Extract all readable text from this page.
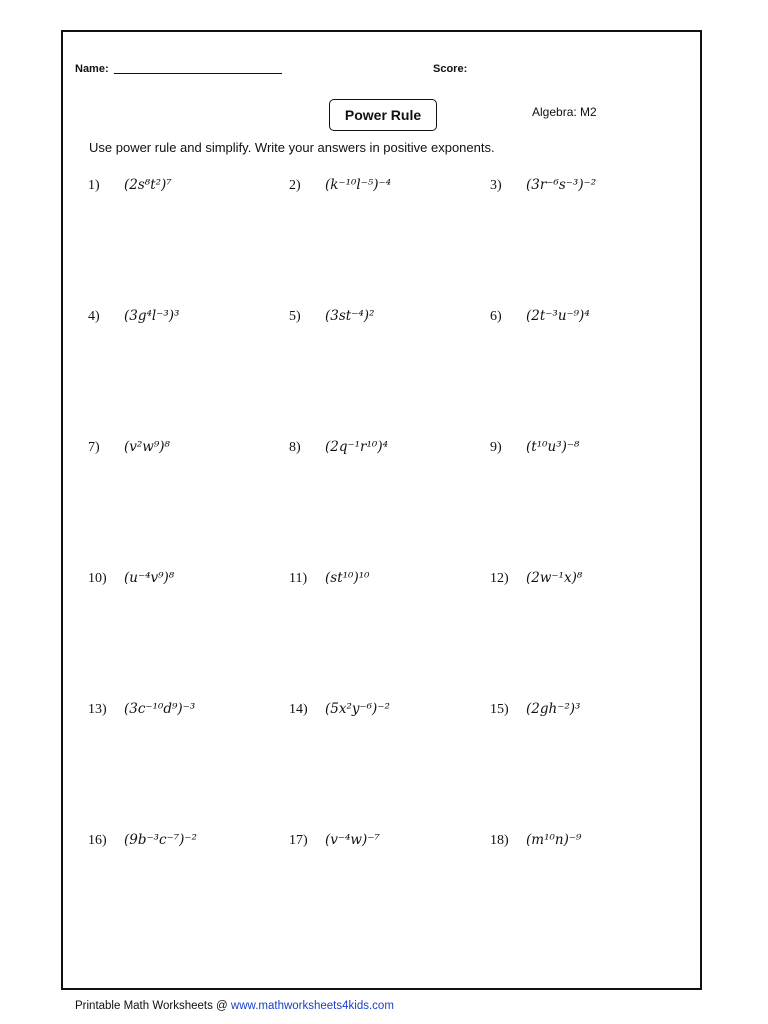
Name:	Score:
Power Rule	Algebra: M2
Use power rule and simplify. Write your answers in positive exponents.
1) (2s⁸t²)⁷	2) (k⁻¹⁰l⁻⁵)⁻⁴	3) (3r⁻⁶s⁻³)⁻²
4) (3g⁴l⁻³)³	5) (3st⁻⁴)²	6) (2t⁻³u⁻⁹)⁴
7) (v²w⁹)⁸	8) (2q⁻¹r¹⁰)⁴	9) (t¹⁰u³)⁻⁸
10) (u⁻⁴v⁹)⁸	11) (st¹⁰)¹⁰	12) (2w⁻¹x)⁸
13) (3c⁻¹⁰d⁹)⁻³	14) (5x²y⁻⁶)⁻²	15) (2gh⁻²)³
16) (9b⁻³c⁻⁷)⁻²	17) (v⁻⁴w)⁻⁷	18) (m¹⁰n)⁻⁹
Printable Math Worksheets @ www.mathworksheets4kids.com
